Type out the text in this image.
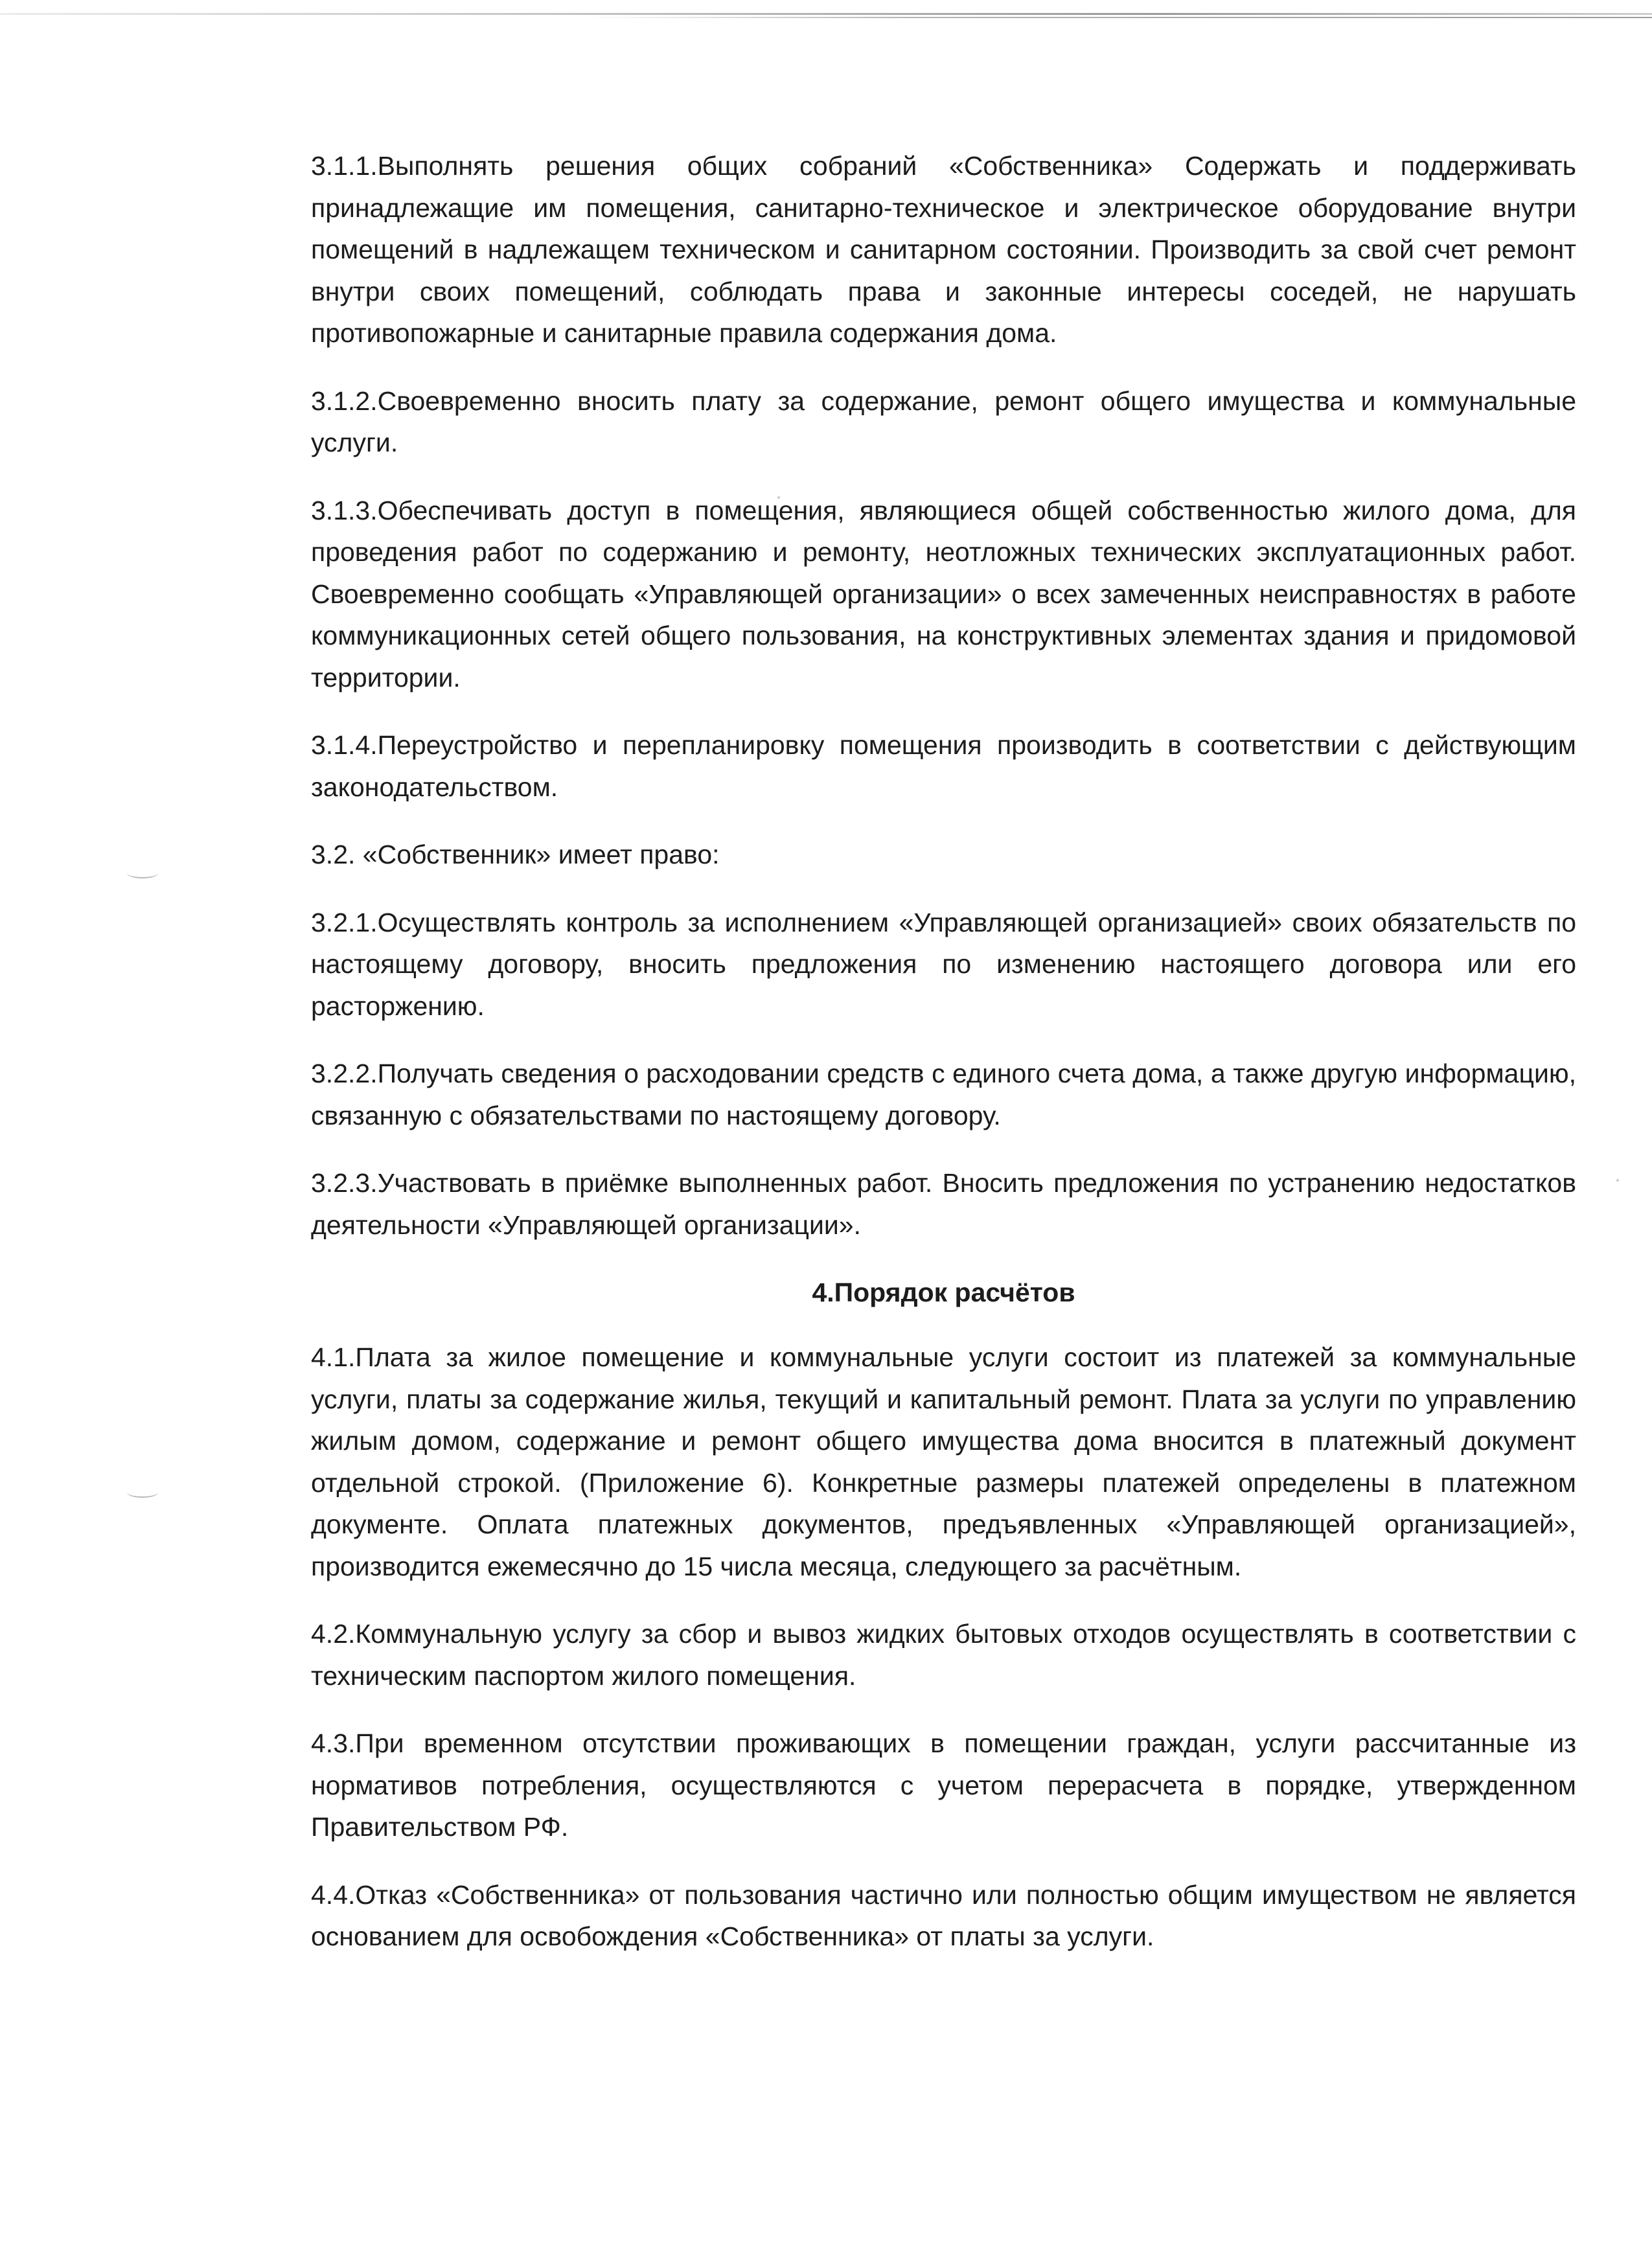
3.1.1.Выполнять решения общих собраний «Собственника» Содержать и поддерживать принадлежащие им помещения, санитарно-техническое и электрическое оборудование внутри помещений в надлежащем техническом и санитарном состоянии. Производить за свой счет ремонт внутри своих помещений, соблюдать права и законные интересы соседей, не нарушать противопожарные и санитарные правила содержания дома.

3.1.2.Своевременно вносить плату за содержание, ремонт общего имущества и коммунальные услуги.

3.1.3.Обеспечивать доступ в помещения, являющиеся общей собственностью жилого дома, для проведения работ по содержанию и ремонту, неотложных технических эксплуатационных работ. Своевременно сообщать «Управляющей организации» о всех замеченных неисправностях в работе коммуникационных сетей общего пользования, на конструктивных элементах здания и придомовой территории.

3.1.4.Переустройство и перепланировку помещения производить в соответствии с действующим законодательством.

3.2. «Собственник» имеет право:

3.2.1.Осуществлять контроль за исполнением «Управляющей организацией» своих обязательств по настоящему договору, вносить предложения по изменению настоящего договора или его расторжению.

3.2.2.Получать сведения о расходовании средств с единого счета дома, а также другую информацию, связанную с обязательствами по настоящему договору.

3.2.3.Участвовать в приёмке выполненных работ. Вносить предложения по устранению недостатков деятельности «Управляющей организации».

4.Порядок расчётов

4.1.Плата за жилое помещение и коммунальные услуги состоит из платежей за коммунальные услуги, платы за содержание жилья, текущий и капитальный ремонт. Плата за услуги по управлению жилым домом, содержание и ремонт общего имущества дома вносится в платежный документ отдельной строкой. (Приложение 6). Конкретные размеры платежей определены в платежном документе. Оплата платежных документов, предъявленных «Управляющей организацией», производится ежемесячно до 15 числа месяца, следующего за расчётным.

4.2.Коммунальную услугу за сбор и вывоз жидких бытовых отходов осуществлять в соответствии с техническим паспортом жилого помещения.

4.3.При временном отсутствии проживающих в помещении граждан, услуги рассчитанные из нормативов потребления, осуществляются с учетом перерасчета в порядке, утвержденном Правительством РФ.

4.4.Отказ «Собственника» от пользования частично или полностью общим имуществом не является основанием для освобождения «Собственника» от платы за услуги.
